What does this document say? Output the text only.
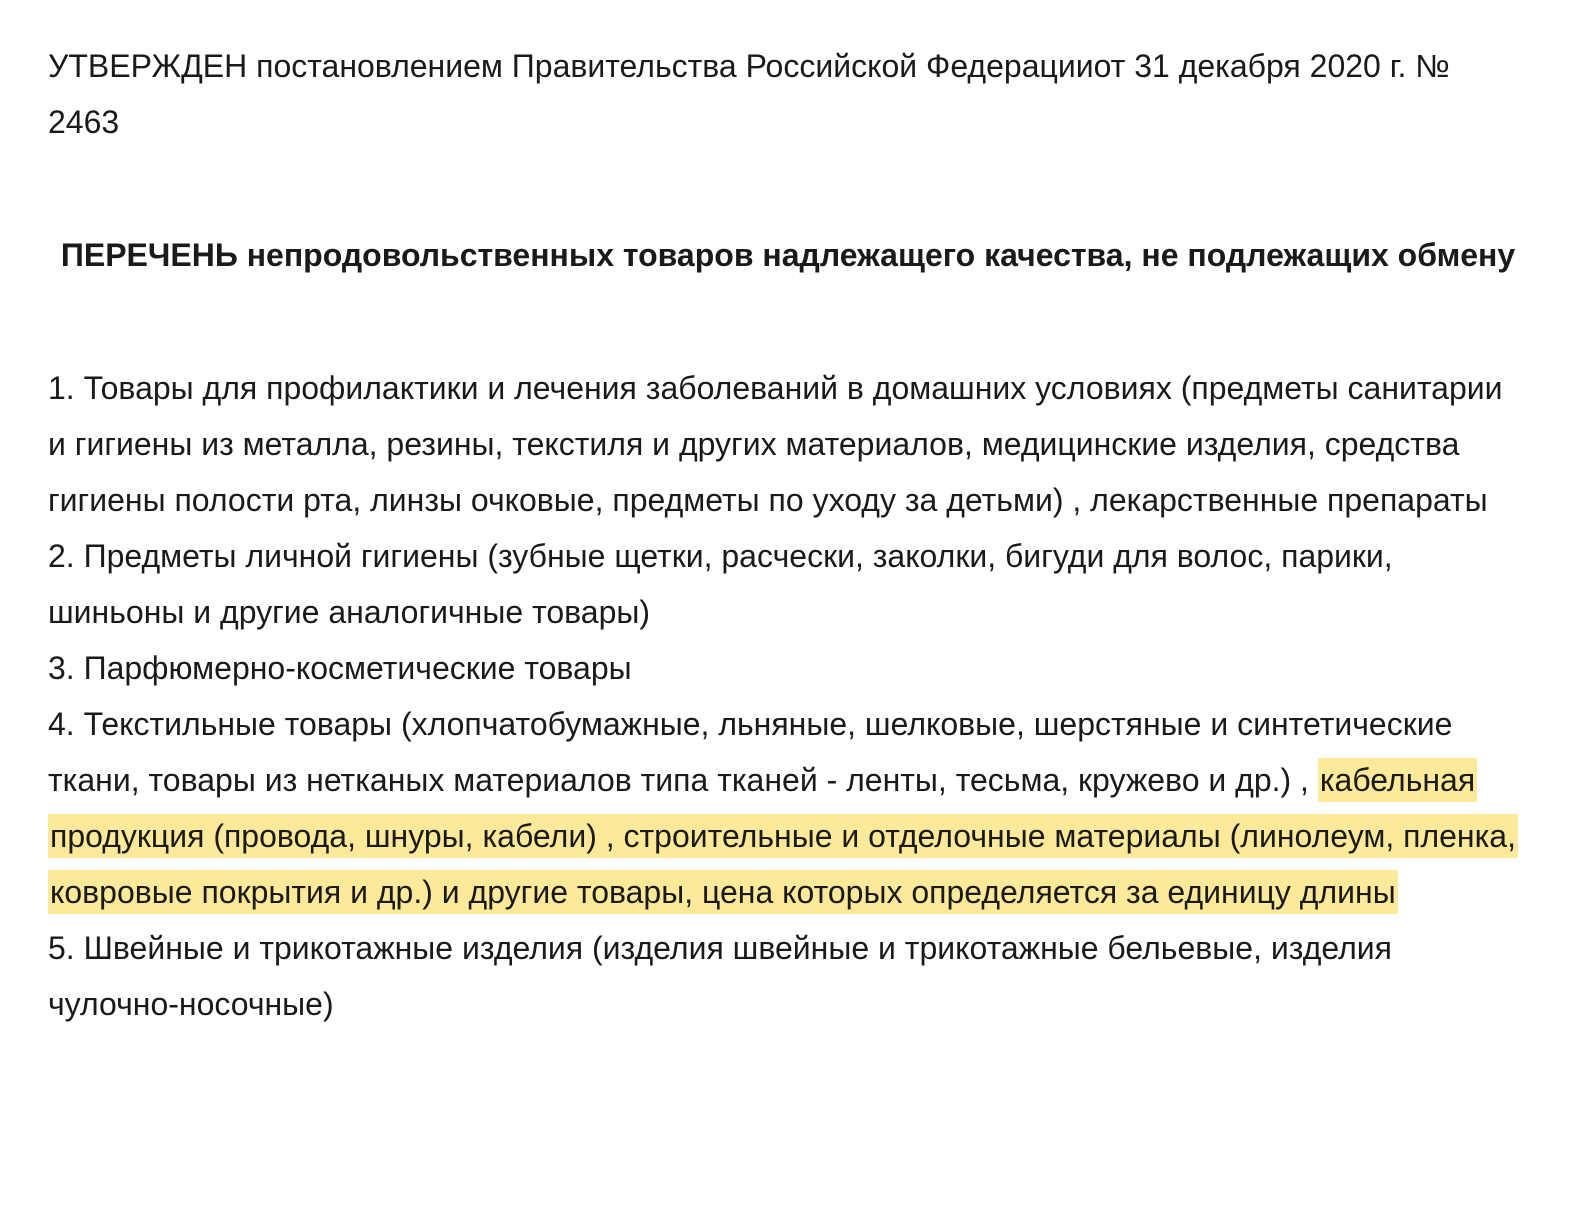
УТВЕРЖДЕН постановлением Правительства Российской Федерацииот 31 декабря 2020 г. № 2463

ПЕРЕЧЕНЬ непродовольственных товаров надлежащего качества, не подлежащих обмену
1. Товары для профилактики и лечения заболеваний в домашних условиях (предметы санитарии и гигиены из металла, резины, текстиля и других материалов, медицинские изделия, средства гигиены полости рта, линзы очковые, предметы по уходу за детьми) , лекарственные препараты
2. Предметы личной гигиены (зубные щетки, расчески, заколки, бигуди для волос, парики, шиньоны и другие аналогичные товары)
3. Парфюмерно-косметические товары
4. Текстильные товары (хлопчатобумажные, льняные, шелковые, шерстяные и синтетические ткани, товары из нетканых материалов типа тканей - ленты, тесьма, кружево и др.) , кабельная продукция (провода, шнуры, кабели) , строительные и отделочные материалы (линолеум, пленка, ковровые покрытия и др.) и другие товары, цена которых определяется за единицу длины
5. Швейные и трикотажные изделия (изделия швейные и трикотажные бельевые, изделия чулочно-носочные)
